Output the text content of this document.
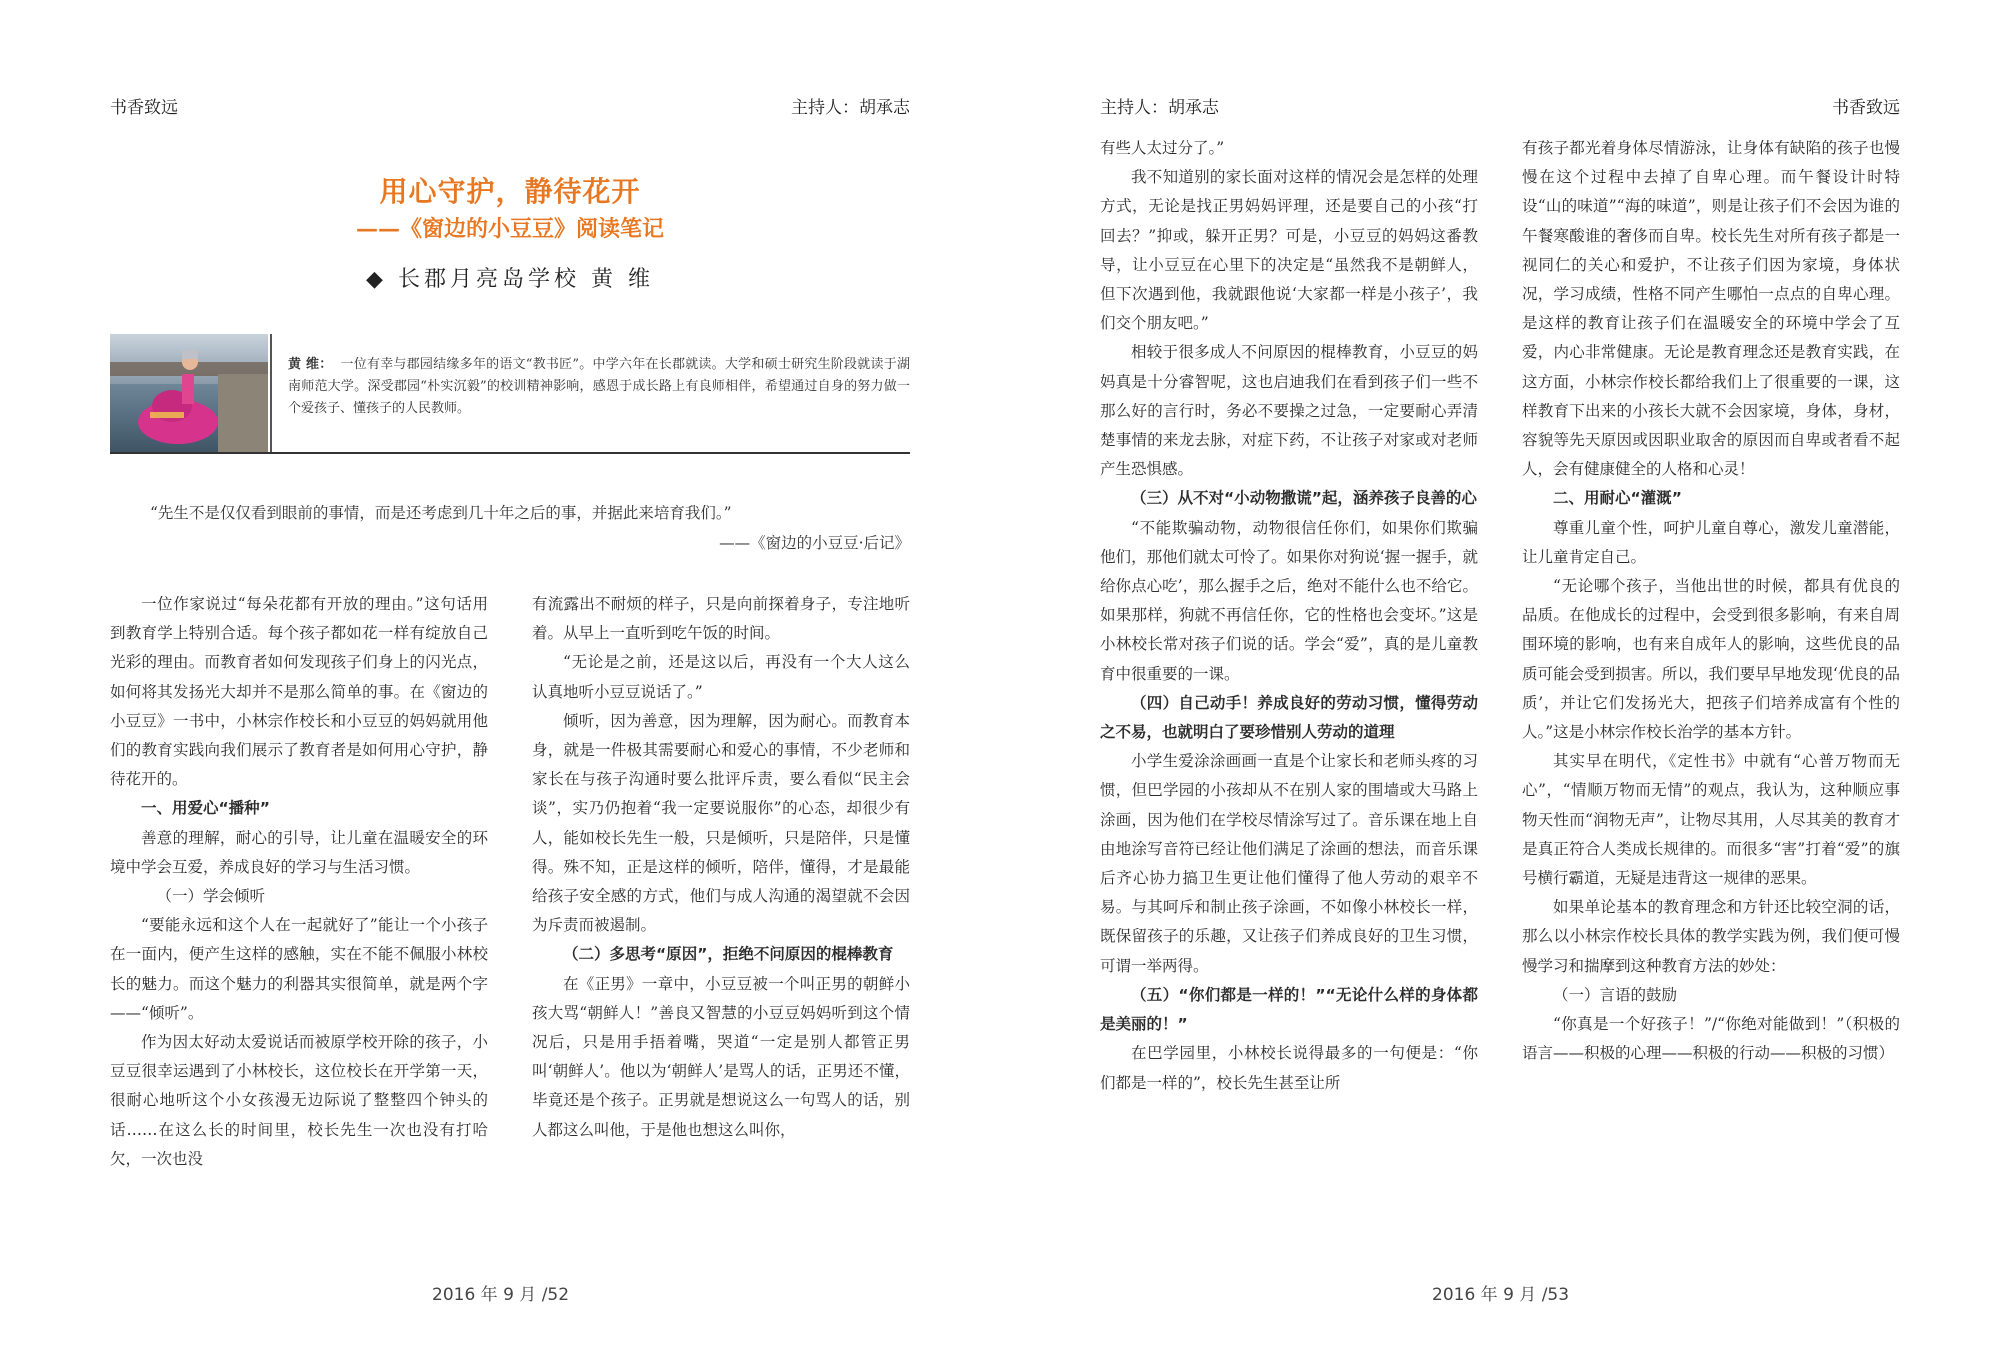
书香致远	主持人：胡承志
用心守护，静待花开
——《窗边的小豆豆》阅读笔记
◆ 长郡月亮岛学校 黄 维
黄 维： 一位有幸与郡园结缘多年的语文“教书匠”。中学六年在长郡就读。大学和硕士研究生阶段就读于湖南师范大学。深受郡园“朴实沉毅”的校训精神影响，感恩于成长路上有良师相伴，希望通过自身的努力做一个爱孩子、懂孩子的人民教师。
“先生不是仅仅看到眼前的事情，而是还考虑到几十年之后的事，并据此来培育我们。”
——《窗边的小豆豆·后记》

一位作家说过“每朵花都有开放的理由。”这句话用到教育学上特别合适。每个孩子都如花一样有绽放自己光彩的理由。而教育者如何发现孩子们身上的闪光点，如何将其发扬光大却并不是那么简单的事。在《窗边的小豆豆》一书中，小林宗作校长和小豆豆的妈妈就用他们的教育实践向我们展示了教育者是如何用心守护，静待花开的。

一、用爱心“播种”

善意的理解，耐心的引导，让儿童在温暖安全的环境中学会互爱，养成良好的学习与生活习惯。

（一）学会倾听

“要能永远和这个人在一起就好了”能让一个小孩子在一面内，便产生这样的感触，实在不能不佩服小林校长的魅力。而这个魅力的利器其实很简单，就是两个字——“倾听”。

作为因太好动太爱说话而被原学校开除的孩子，小豆豆很幸运遇到了小林校长，这位校长在开学第一天，很耐心地听这个小女孩漫无边际说了整整四个钟头的话……在这么长的时间里，校长先生一次也没有打哈欠，一次也没

有流露出不耐烦的样子，只是向前探着身子，专注地听着。从早上一直听到吃午饭的时间。

“无论是之前，还是这以后，再没有一个大人这么认真地听小豆豆说话了。”

倾听，因为善意，因为理解，因为耐心。而教育本身，就是一件极其需要耐心和爱心的事情，不少老师和家长在与孩子沟通时要么批评斥责，要么看似“民主会谈”，实乃仍抱着“我一定要说服你”的心态，却很少有人，能如校长先生一般，只是倾听，只是陪伴，只是懂得。殊不知，正是这样的倾听，陪伴，懂得，才是最能给孩子安全感的方式，他们与成人沟通的渴望就不会因为斥责而被遏制。

（二）多思考“原因”，拒绝不问原因的棍棒教育

在《正男》一章中，小豆豆被一个叫正男的朝鲜小孩大骂“朝鲜人！”善良又智慧的小豆豆妈妈听到这个情况后，只是用手捂着嘴，哭道“一定是别人都管正男叫‘朝鲜人’。他以为‘朝鲜人’是骂人的话，正男还不懂，毕竟还是个孩子。正男就是想说这么一句骂人的话，别人都这么叫他，于是他也想这么叫你，

2016 年 9 月 /52
主持人：胡承志	书香致远

有些人太过分了。”

我不知道别的家长面对这样的情况会是怎样的处理方式，无论是找正男妈妈评理，还是要自己的小孩“打回去？”抑或，躲开正男？可是，小豆豆的妈妈这番教导，让小豆豆在心里下的决定是“虽然我不是朝鲜人，但下次遇到他，我就跟他说‘大家都一样是小孩子’，我们交个朋友吧。”

相较于很多成人不问原因的棍棒教育，小豆豆的妈妈真是十分睿智呢，这也启迪我们在看到孩子们一些不那么好的言行时，务必不要操之过急，一定要耐心弄清楚事情的来龙去脉，对症下药，不让孩子对家或对老师产生恐惧感。

（三）从不对“小动物撒谎”起，涵养孩子良善的心

“不能欺骗动物，动物很信任你们，如果你们欺骗他们，那他们就太可怜了。如果你对狗说‘握一握手，就给你点心吃’，那么握手之后，绝对不能什么也不给它。如果那样，狗就不再信任你，它的性格也会变坏。”这是小林校长常对孩子们说的话。学会“爱”，真的是儿童教育中很重要的一课。

（四）自己动手！养成良好的劳动习惯，懂得劳动之不易，也就明白了要珍惜别人劳动的道理

小学生爱涂涂画画一直是个让家长和老师头疼的习惯，但巴学园的小孩却从不在别人家的围墙或大马路上涂画，因为他们在学校尽情涂写过了。音乐课在地上自由地涂写音符已经让他们满足了涂画的想法，而音乐课后齐心协力搞卫生更让他们懂得了他人劳动的艰辛不易。与其呵斥和制止孩子涂画，不如像小林校长一样，既保留孩子的乐趣，又让孩子们养成良好的卫生习惯，可谓一举两得。

（五）“你们都是一样的！”“无论什么样的身体都是美丽的！”

在巴学园里，小林校长说得最多的一句便是：“你们都是一样的”，校长先生甚至让所

有孩子都光着身体尽情游泳，让身体有缺陷的孩子也慢慢在这个过程中去掉了自卑心理。而午餐设计时特设“山的味道”“海的味道”，则是让孩子们不会因为谁的午餐寒酸谁的奢侈而自卑。校长先生对所有孩子都是一视同仁的关心和爱护，不让孩子们因为家境，身体状况，学习成绩，性格不同产生哪怕一点点的自卑心理。是这样的教育让孩子们在温暖安全的环境中学会了互爱，内心非常健康。无论是教育理念还是教育实践，在这方面，小林宗作校长都给我们上了很重要的一课，这样教育下出来的小孩长大就不会因家境，身体，身材，容貌等先天原因或因职业取舍的原因而自卑或者看不起人，会有健康健全的人格和心灵！

二、用耐心“灌溉”

尊重儿童个性，呵护儿童自尊心，激发儿童潜能，让儿童肯定自己。

“无论哪个孩子，当他出世的时候，都具有优良的品质。在他成长的过程中，会受到很多影响，有来自周围环境的影响，也有来自成年人的影响，这些优良的品质可能会受到损害。所以，我们要早早地发现‘优良的品质’，并让它们发扬光大，把孩子们培养成富有个性的人。”这是小林宗作校长治学的基本方针。

其实早在明代，《定性书》中就有“心普万物而无心”，“情顺万物而无情”的观点，我认为，这种顺应事物天性而“润物无声”，让物尽其用，人尽其美的教育才是真正符合人类成长规律的。而很多“害”打着“爱”的旗号横行霸道，无疑是违背这一规律的恶果。

如果单论基本的教育理念和方针还比较空洞的话，那么以小林宗作校长具体的教学实践为例，我们便可慢慢学习和揣摩到这种教育方法的妙处：

（一）言语的鼓励

“你真是一个好孩子！”/“你绝对能做到！”（积极的语言——积极的心理——积极的行动——积极的习惯）

2016 年 9 月 /53
